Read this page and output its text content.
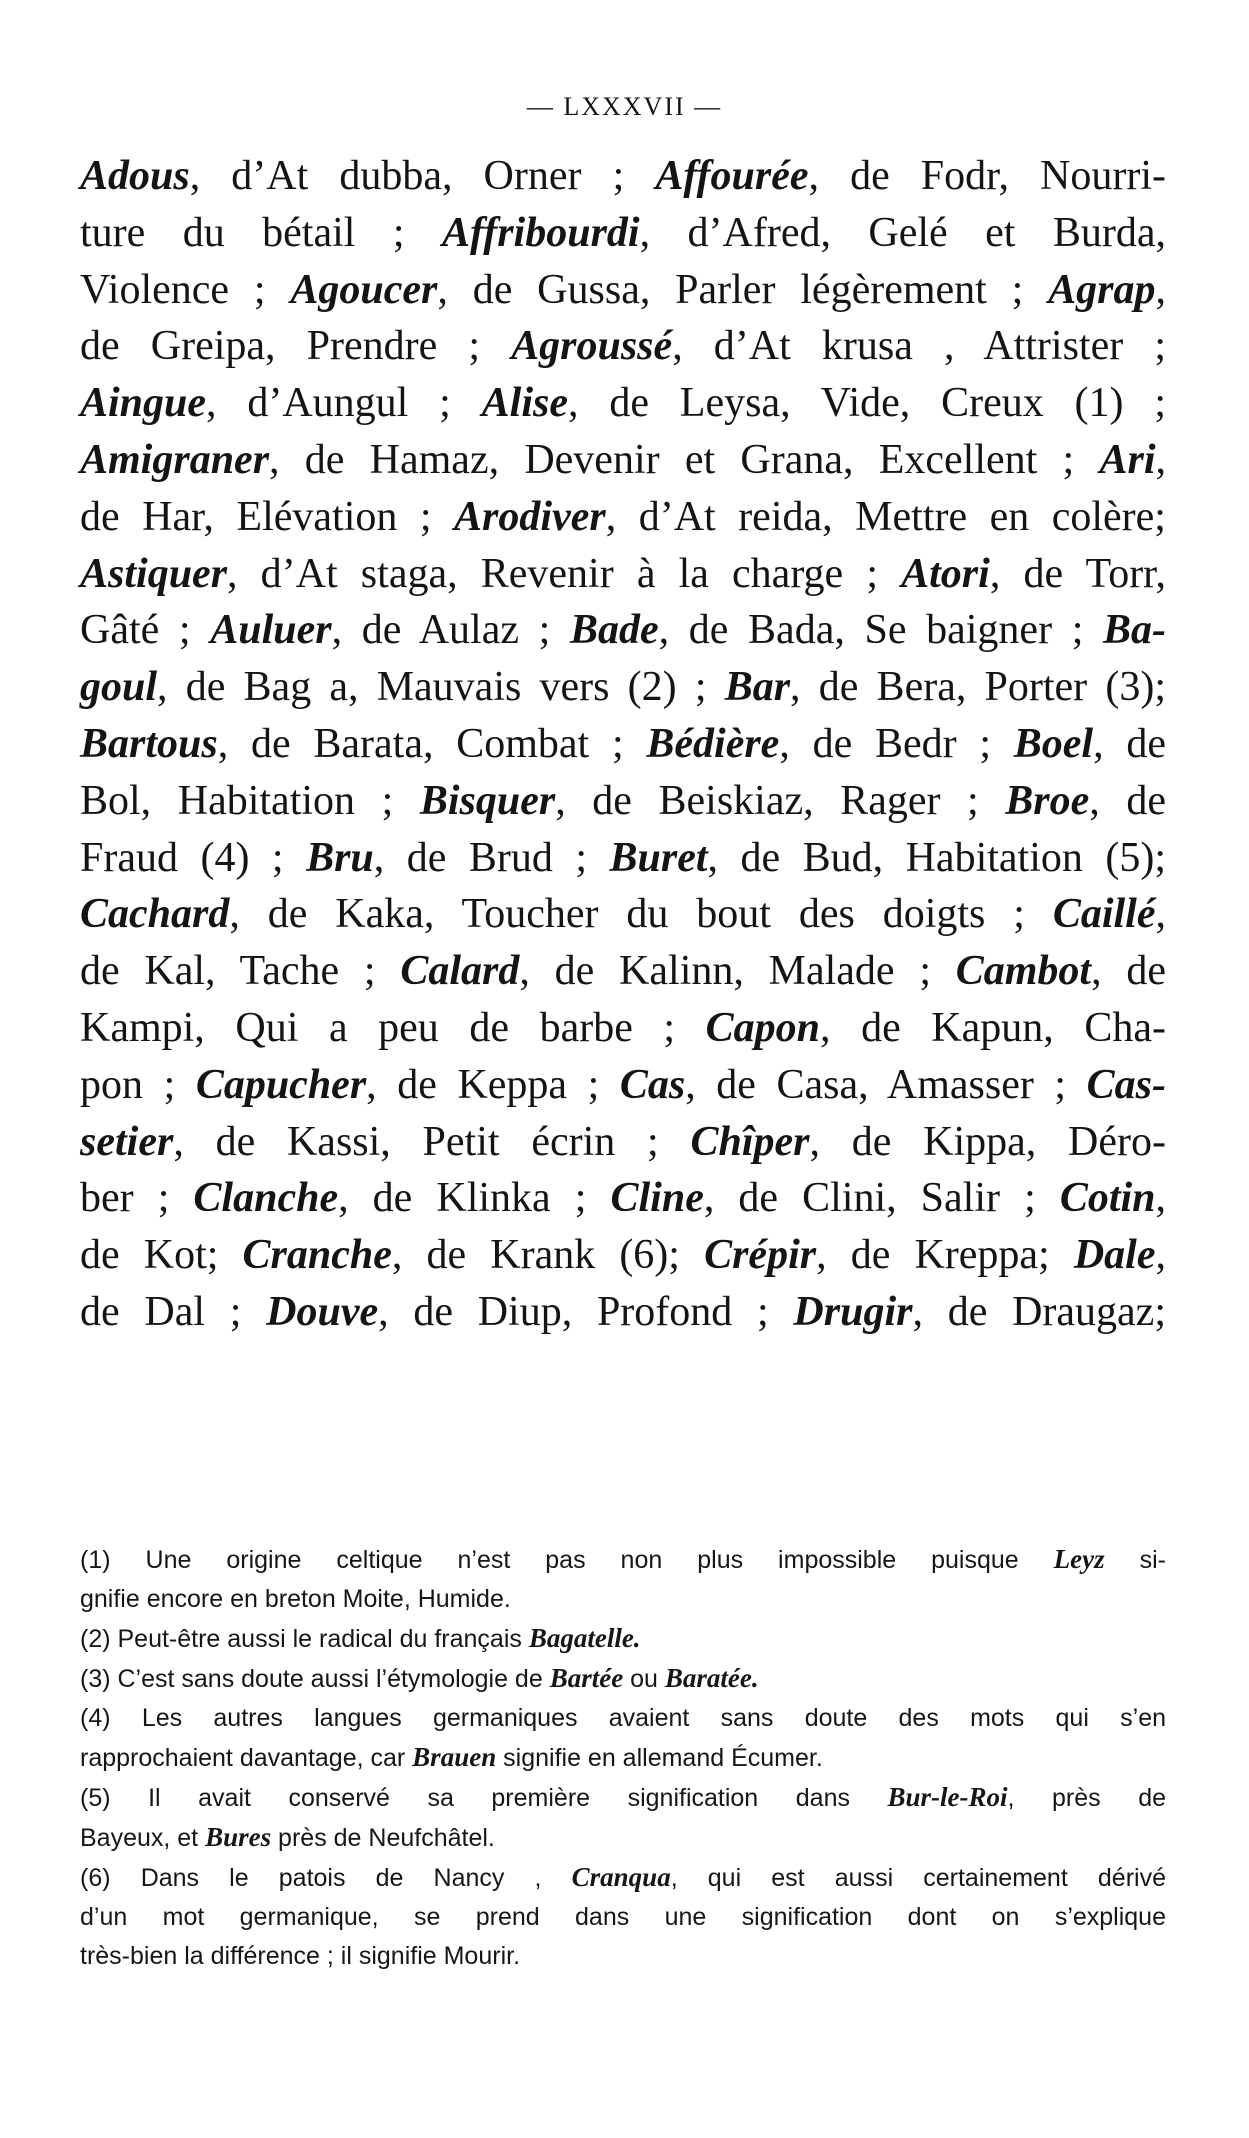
— LXXXVII —
Adous, d’At dubba, Orner ; Affourée, de Fodr, Nourri-
ture du bétail ; Affribourdi, d’Afred, Gelé et Burda,
Violence ; Agoucer, de Gussa, Parler légèrement ; Agrap,
de Greipa, Prendre ; Agroussé, d’At krusa , Attrister ;
Aingue, d’Aungul ; Alise, de Leysa, Vide, Creux (1) ;
Amigraner, de Hamaz, Devenir et Grana, Excellent ; Ari,
de Har, Elévation ; Arodiver, d’At reida, Mettre en colère;
Astiquer, d’At staga, Revenir à la charge ; Atori, de Torr,
Gâté ; Auluer, de Aulaz ; Bade, de Bada, Se baigner ; Ba-
goul, de Bag a, Mauvais vers (2) ; Bar, de Bera, Porter (3);
Bartous, de Barata, Combat ; Bédière, de Bedr ; Boel, de
Bol, Habitation ; Bisquer, de Beiskiaz, Rager ; Broe, de
Fraud (4) ; Bru, de Brud ; Buret, de Bud, Habitation (5);
Cachard, de Kaka, Toucher du bout des doigts ; Caillé,
de Kal, Tache ; Calard, de Kalinn, Malade ; Cambot, de
Kampi, Qui a peu de barbe ; Capon, de Kapun, Cha-
pon ; Capucher, de Keppa ; Cas, de Casa, Amasser ; Cas-
setier, de Kassi, Petit écrin ; Chîper, de Kippa, Déro-
ber ; Clanche, de Klinka ; Cline, de Clini, Salir ; Cotin,
de Kot; Cranche, de Krank (6); Crépir, de Kreppa; Dale,
de Dal ; Douve, de Diup, Profond ; Drugir, de Draugaz;
(1) Une origine celtique n’est pas non plus impossible puisque Leyz si-
gnifie encore en breton Moite, Humide.
(2) Peut-être aussi le radical du français Bagatelle.
(3) C’est sans doute aussi l’étymologie de Bartée ou Baratée.
(4) Les autres langues germaniques avaient sans doute des mots qui s’en
rapprochaient davantage, car Brauen signifie en allemand Écumer.
(5) Il avait conservé sa première signification dans Bur-le-Roi, près de
Bayeux, et Bures près de Neufchâtel.
(6) Dans le patois de Nancy , Cranqua, qui est aussi certainement dérivé
d’un mot germanique, se prend dans une signification dont on s’explique
très-bien la différence ; il signifie Mourir.
